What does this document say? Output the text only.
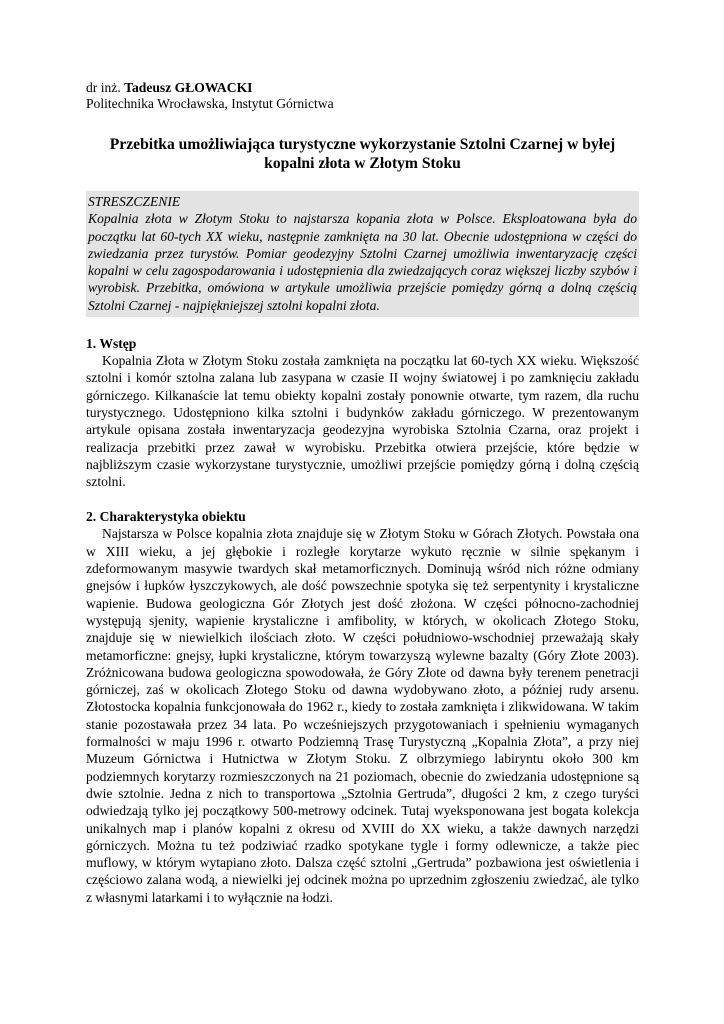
dr inż. Tadeusz GŁOWACKI
Politechnika Wrocławska, Instytut Górnictwa
Przebitka umożliwiająca turystyczne wykorzystanie Sztolni Czarnej w byłej kopalni złota w Złotym Stoku
STRESZCZENIE
Kopalnia złota w Złotym Stoku to najstarsza kopania złota w Polsce. Eksploatowana była do początku lat 60-tych XX wieku, następnie zamknięta na 30 lat. Obecnie udostępniona w części do zwiedzania przez turystów. Pomiar geodezyjny Sztolni Czarnej umożliwia inwentaryzację części kopalni w celu zagospodarowania i udostępnienia dla zwiedzających coraz większej liczby szybów i wyrobisk. Przebitka, omówiona w artykule umożliwia przejście pomiędzy górną a dolną częścią Sztolni Czarnej - najpiękniejszej sztolni kopalni złota.
1. Wstęp

Kopalnia Złota w Złotym Stoku została zamknięta na początku lat 60-tych XX wieku. Większość sztolni i komór sztolna zalana lub zasypana w czasie II wojny światowej i po zamknięciu zakładu górniczego. Kilkanaście lat temu obiekty kopalni zostały ponownie otwarte, tym razem, dla ruchu turystycznego. Udostępniono kilka sztolni i budynków zakładu górniczego. W prezentowanym artykule opisana została inwentaryzacja geodezyjna wyrobiska Sztolnia Czarna, oraz projekt i realizacja przebitki przez zawał w wyrobisku. Przebitka otwiera przejście, które będzie w najbliższym czasie wykorzystane turystycznie, umożliwi przejście pomiędzy górną i dolną częścią sztolni.

2. Charakterystyka obiektu

Najstarsza w Polsce kopalnia złota znajduje się w Złotym Stoku w Górach Złotych. Powstała ona w XIII wieku, a jej głębokie i rozległe korytarze wykuto ręcznie w silnie spękanym i zdeformowanym masywie twardych skał metamorficznych. Dominują wśród nich różne odmiany gnejsów i łupków łyszczykowych, ale dość powszechnie spotyka się też serpentynity i krystaliczne wapienie. Budowa geologiczna Gór Złotych jest dość złożona. W części północno-zachodniej występują sjenity, wapienie krystaliczne i amfibolity, w których, w okolicach Złotego Stoku, znajduje się w niewielkich ilościach złoto. W części południowo-wschodniej przeważają skały metamorficzne: gnejsy, łupki krystaliczne, którym towarzyszą wylewne bazalty (Góry Złote 2003). Zróżnicowana budowa geologiczna spowodowała, że Góry Złote od dawna były terenem penetracji górniczej, zaś w okolicach Złotego Stoku od dawna wydobywano złoto, a później rudy arsenu. Złotostocka kopalnia funkcjonowała do 1962 r., kiedy to została zamknięta i zlikwidowana. W takim stanie pozostawała przez 34 lata. Po wcześniejszych przygotowaniach i spełnieniu wymaganych formalności w maju 1996 r. otwarto Podziemną Trasę Turystyczną „Kopalnia Złota”, a przy niej Muzeum Górnictwa i Hutnictwa w Złotym Stoku. Z olbrzymiego labiryntu około 300 km podziemnych korytarzy rozmieszczonych na 21 poziomach, obecnie do zwiedzania udostępnione są dwie sztolnie. Jedna z nich to transportowa „Sztolnia Gertruda”, długości 2 km, z czego turyści odwiedzają tylko jej początkowy 500-metrowy odcinek. Tutaj wyeksponowana jest bogata kolekcja unikalnych map i planów kopalni z okresu od XVIII do XX wieku, a także dawnych narzędzi górniczych. Można tu też podziwiać rzadko spotykane tygle i formy odlewnicze, a także piec muflowy, w którym wytapiano złoto. Dalsza część sztolni „Gertruda” pozbawiona jest oświetlenia i częściowo zalana wodą, a niewielki jej odcinek można po uprzednim zgłoszeniu zwiedzać, ale tylko z własnymi latarkami i to wyłącznie na łodzi.
